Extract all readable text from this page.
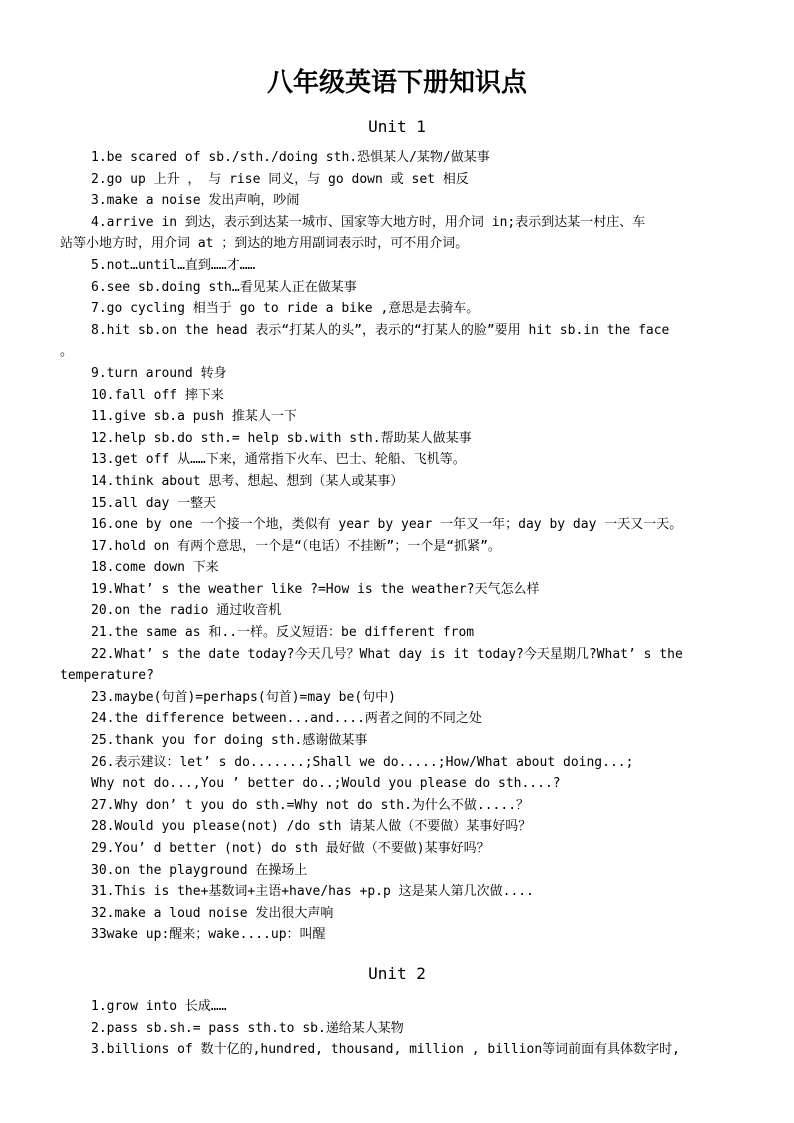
八年级英语下册知识点
Unit 1
1.be scared of sb./sth./doing sth.恐惧某人/某物/做某事
2.go up 上升 ， 与 rise 同义，与 go down 或 set 相反
3.make a noise 发出声响，吵闹
4.arrive in 到达，表示到达某一城市、国家等大地方时，用介词 in;表示到达某一村庄、车
站等小地方时，用介词 at ；到达的地方用副词表示时，可不用介词。
5.not…until…直到……才……
6.see sb.doing sth…看见某人正在做某事
7.go cycling 相当于 go to ride a bike ,意思是去骑车。
8.hit sb.on the head 表示“打某人的头”，表示的“打某人的脸”要用 hit sb.in the face
。
9.turn around 转身
10.fall off 摔下来
11.give sb.a push 推某人一下
12.help sb.do sth.= help sb.with sth.帮助某人做某事
13.get off 从……下来，通常指下火车、巴士、轮船、飞机等。
14.think about 思考、想起、想到（某人或某事）
15.all day 一整天
16.one by one 一个接一个地，类似有 year by year 一年又一年；day by day 一天又一天。
17.hold on 有两个意思，一个是“（电话）不挂断”；一个是“抓紧”。
18.come down 下来
19.What’ s the weather like ?=How is the weather?天气怎么样
20.on the radio 通过收音机
21.the same as 和..一样。反义短语：be different from
22.What’ s the date today?今天几号？What day is it today?今天星期几?What’ s the
temperature?
23.maybe(句首)=perhaps(句首)=may be(句中)
24.the difference between...and....两者之间的不同之处
25.thank you for doing sth.感谢做某事
26.表示建议：let’ s do.......;Shall we do.....;How/What about doing...;
Why not do...,You ’ better do..;Would you please do sth....?
27.Why don’ t you do sth.=Why not do sth.为什么不做.....？
28.Would you please(not) /do sth 请某人做（不要做）某事好吗？
29.You’ d better (not) do sth 最好做（不要做)某事好吗？
30.on the playground 在操场上
31.This is the+基数词+主语+have/has +p.p 这是某人第几次做....
32.make a loud noise 发出很大声响
33wake up:醒来；wake....up：叫醒
Unit 2
1.grow into 长成……
2.pass sb.sh.= pass sth.to sb.递给某人某物
3.billions of 数十亿的,hundred, thousand, million , billion等词前面有具体数字时,
